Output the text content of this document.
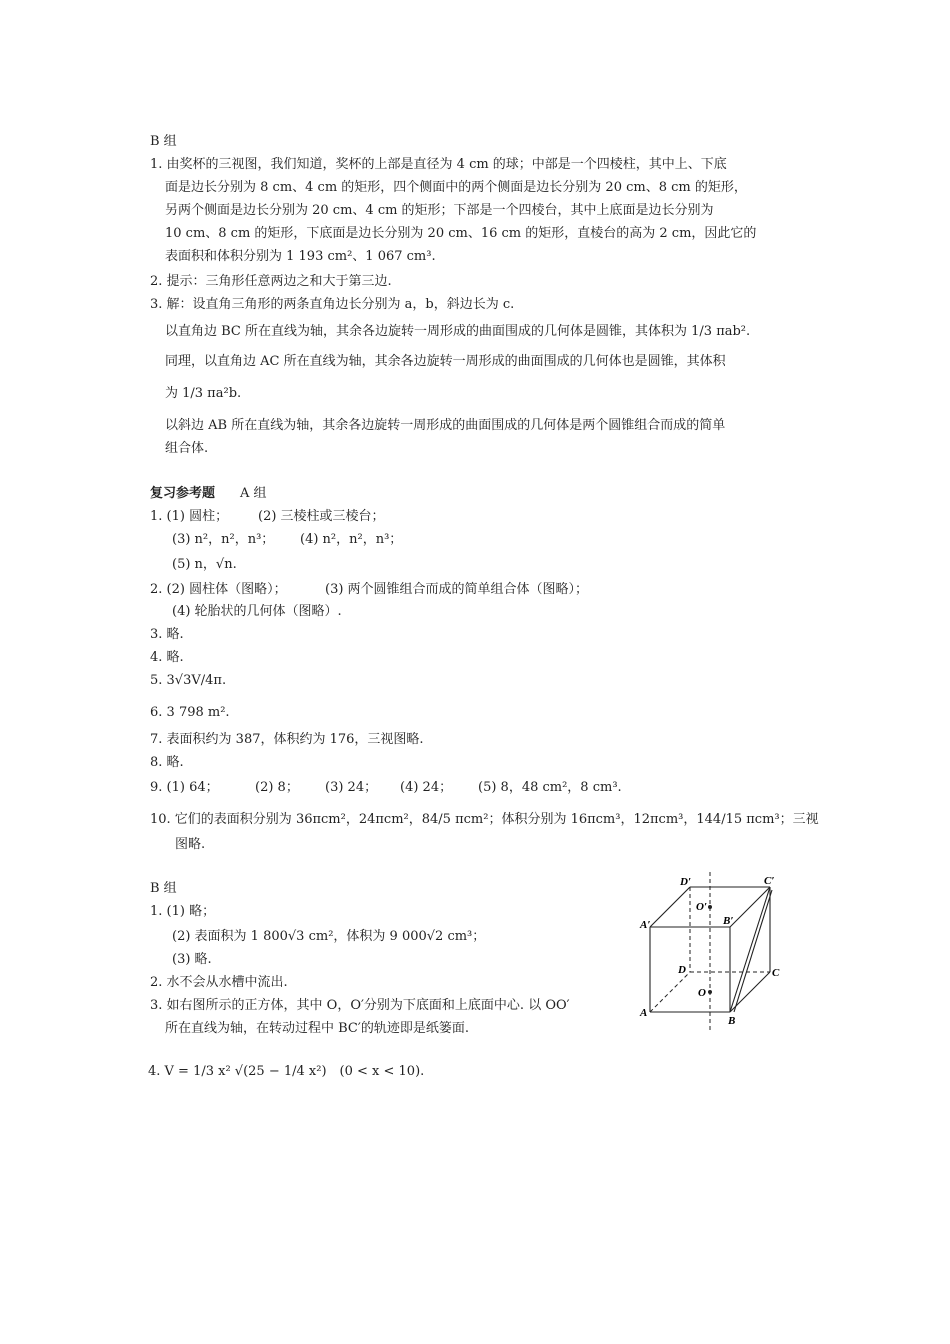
B 组
1. 由奖杯的三视图，我们知道，奖杯的上部是直径为 4 cm 的球；中部是一个四棱柱，其中上、下底
面是边长分别为 8 cm、4 cm 的矩形，四个侧面中的两个侧面是边长分别为 20 cm、8 cm 的矩形，
另两个侧面是边长分别为 20 cm、4 cm 的矩形；下部是一个四棱台，其中上底面是边长分别为
10 cm、8 cm 的矩形，下底面是边长分别为 20 cm、16 cm 的矩形，直棱台的高为 2 cm，因此它的
表面积和体积分别为 1 193 cm²、1 067 cm³.
2. 提示：三角形任意两边之和大于第三边.
3. 解：设直角三角形的两条直角边长分别为 a，b，斜边长为 c.
以直角边 BC 所在直线为轴，其余各边旋转一周形成的曲面围成的几何体是圆锥，其体积为 1/3 πab².
同理，以直角边 AC 所在直线为轴，其余各边旋转一周形成的曲面围成的几何体也是圆锥，其体积
为 1/3 πa²b.
以斜边 AB 所在直线为轴，其余各边旋转一周形成的曲面围成的几何体是两个圆锥组合而成的简单
组合体.
复习参考题 A 组
1. (1) 圆柱； (2) 三棱柱或三棱台；
(3) n²，n²，n³； (4) n²，n²，n³；
(5) n，√n.
2. (2) 圆柱体（图略）；	(3) 两个圆锥组合而成的简单组合体（图略）；
(4) 轮胎状的几何体（图略）.
3. 略.
4. 略.
5. 3√3V/4π.
6. 3 798 m².
7. 表面积约为 387，体积约为 176，三视图略.
8. 略.
9. (1) 64；	(2) 8； (3) 24； (4) 24； (5) 8，48 cm²，8 cm³.
10. 它们的表面积分别为 36πcm²，24πcm²，84/5 πcm²；体积分别为 16πcm³，12πcm³，144/15 πcm³；三视
图略.
B 组
1. (1) 略；
(2) 表面积为 1 800√3 cm²，体积为 9 000√2 cm³；
(3) 略.
2. 水不会从水槽中流出.
3. 如右图所示的正方体，其中 O，O′分别为下底面和上底面中心. 以 OO′
所在直线为轴，在转动过程中 BC′的轨迹即是纸篓面.
4. V = 1/3 x² √(25 − 1/4 x²)　(0 < x < 10).
D′	C′
A′	B′
O′
D	C
O
A
B
